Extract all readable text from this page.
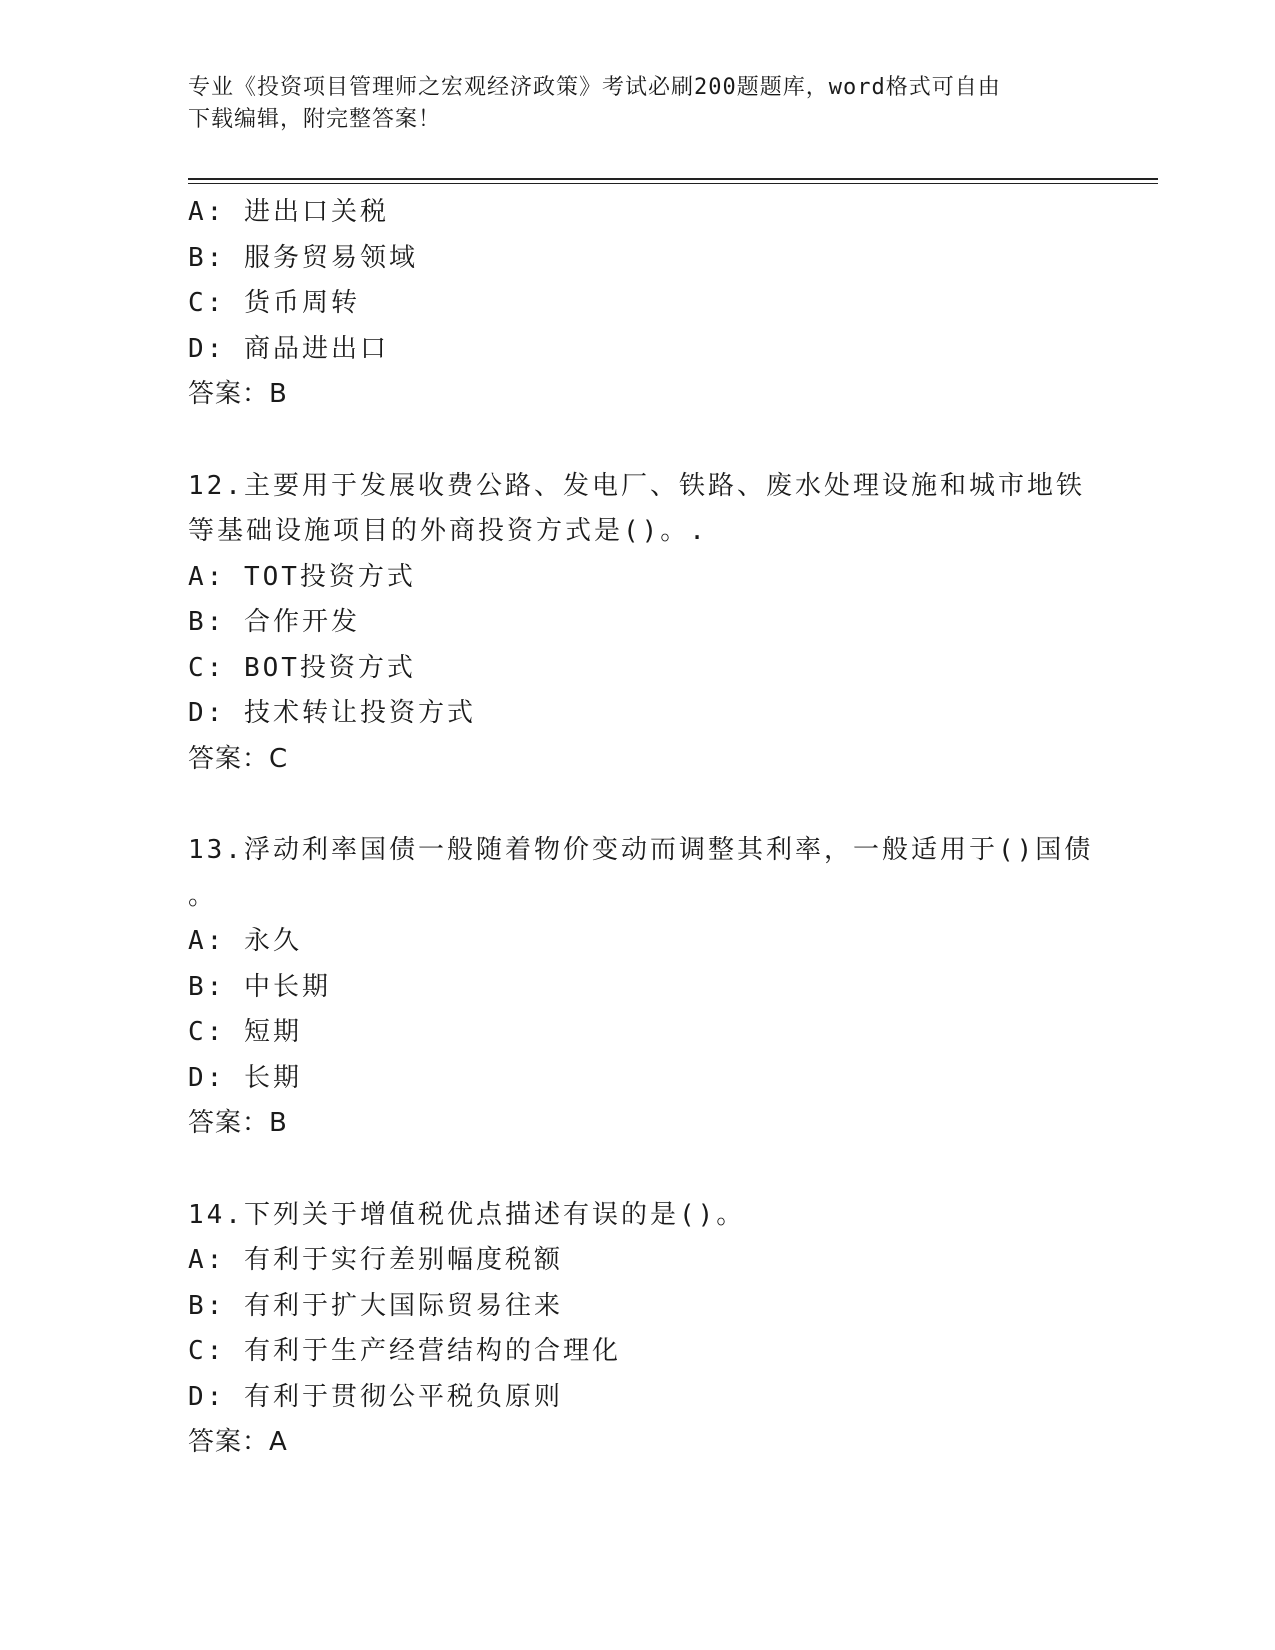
专业《投资项目管理师之宏观经济政策》考试必刷200题题库，word格式可自由
下载编辑，附完整答案！
A: 进出口关税
B: 服务贸易领域
C: 货币周转
D: 商品进出口
答案：B
12.主要用于发展收费公路、发电厂、铁路、废水处理设施和城市地铁
等基础设施项目的外商投资方式是()。.
A: TOT投资方式
B: 合作开发
C: BOT投资方式
D: 技术转让投资方式
答案：C
13.浮动利率国债一般随着物价变动而调整其利率，一般适用于()国债
。
A: 永久
B: 中长期
C: 短期
D: 长期
答案：B
14.下列关于增值税优点描述有误的是()。
A: 有利于实行差别幅度税额
B: 有利于扩大国际贸易往来
C: 有利于生产经营结构的合理化
D: 有利于贯彻公平税负原则
答案：A
